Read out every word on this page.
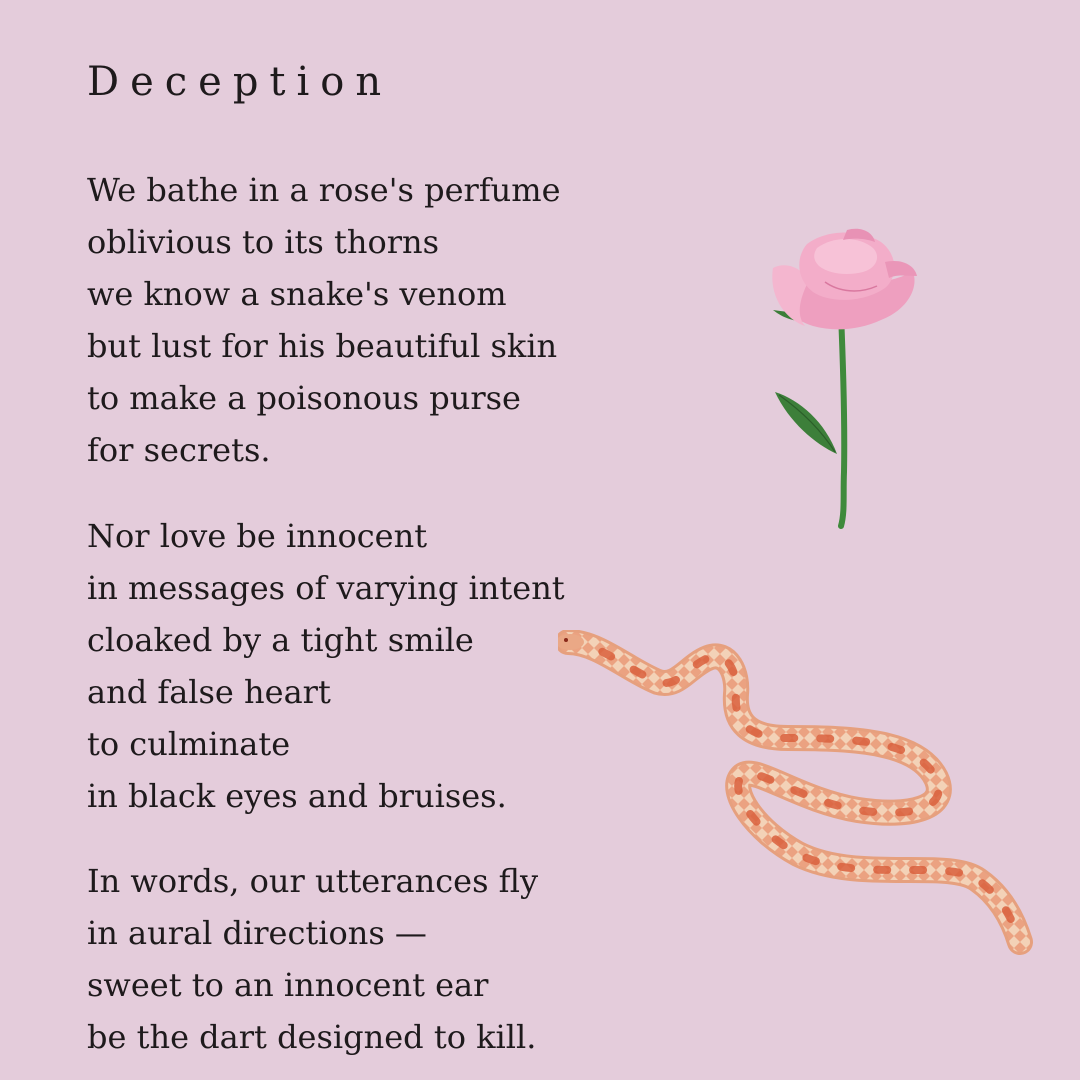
Deception
We bathe in a rose's perfume
oblivious to its thorns
we know a snake's venom
but lust for his beautiful skin
to make a poisonous purse
for secrets.
Nor love be innocent
in messages of varying intent
cloaked by a tight smile
and false heart
to culminate
in black eyes and bruises.
In words, our utterances fly
in aural directions —
sweet to an innocent ear
be the dart designed to kill.
